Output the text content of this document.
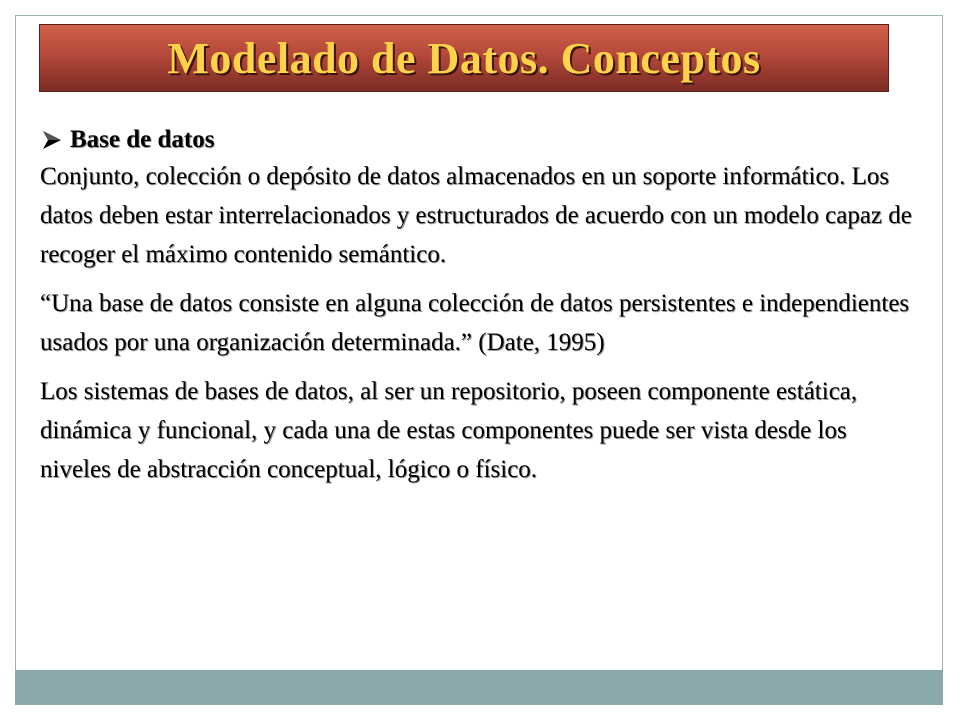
Modelado de Datos. Conceptos
Base de datos

Conjunto, colección o depósito de datos almacenados en un soporte informático. Los datos deben estar interrelacionados y estructurados de acuerdo con un modelo capaz de recoger el máximo contenido semántico.

“Una base de datos consiste en alguna colección de datos persistentes e independientes usados por una organización determinada.” (Date, 1995)

Los sistemas de bases de datos, al ser un repositorio, poseen componente estática, dinámica y funcional, y cada una de estas componentes puede ser vista desde los niveles de abstracción conceptual, lógico o físico.
